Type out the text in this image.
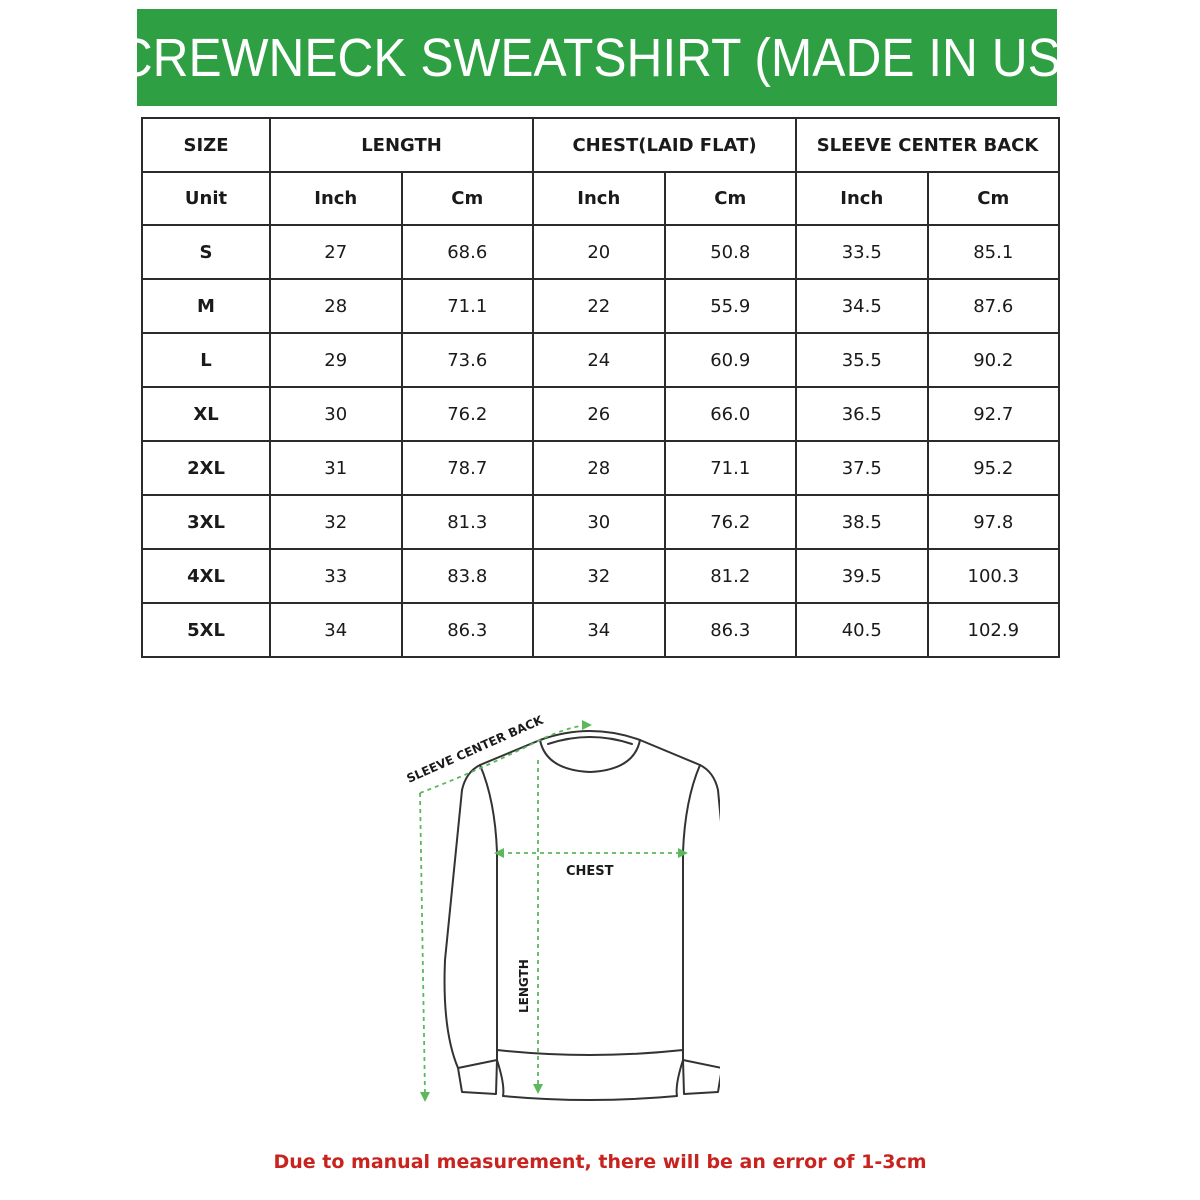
CREWNECK SWEATSHIRT (MADE IN US)
SIZE	LENGTH		CHEST(LAID FLAT)		SLEEVE CENTER BACK	
Unit	Inch	Cm	Inch	Cm	Inch	Cm
S	27	68.6	20	50.8	33.5	85.1
M	28	71.1	22	55.9	34.5	87.6
L	29	73.6	24	60.9	35.5	90.2
XL	30	76.2	26	66.0	36.5	92.7
2XL	31	78.7	28	71.1	37.5	95.2
3XL	32	81.3	30	76.2	38.5	97.8
4XL	33	83.8	32	81.2	39.5	100.3
5XL	34	86.3	34	86.3	40.5	102.9
SLEEVE CENTER BACK
CHEST
LENGTH
Due to manual measurement, there will be an error of 1-3cm
